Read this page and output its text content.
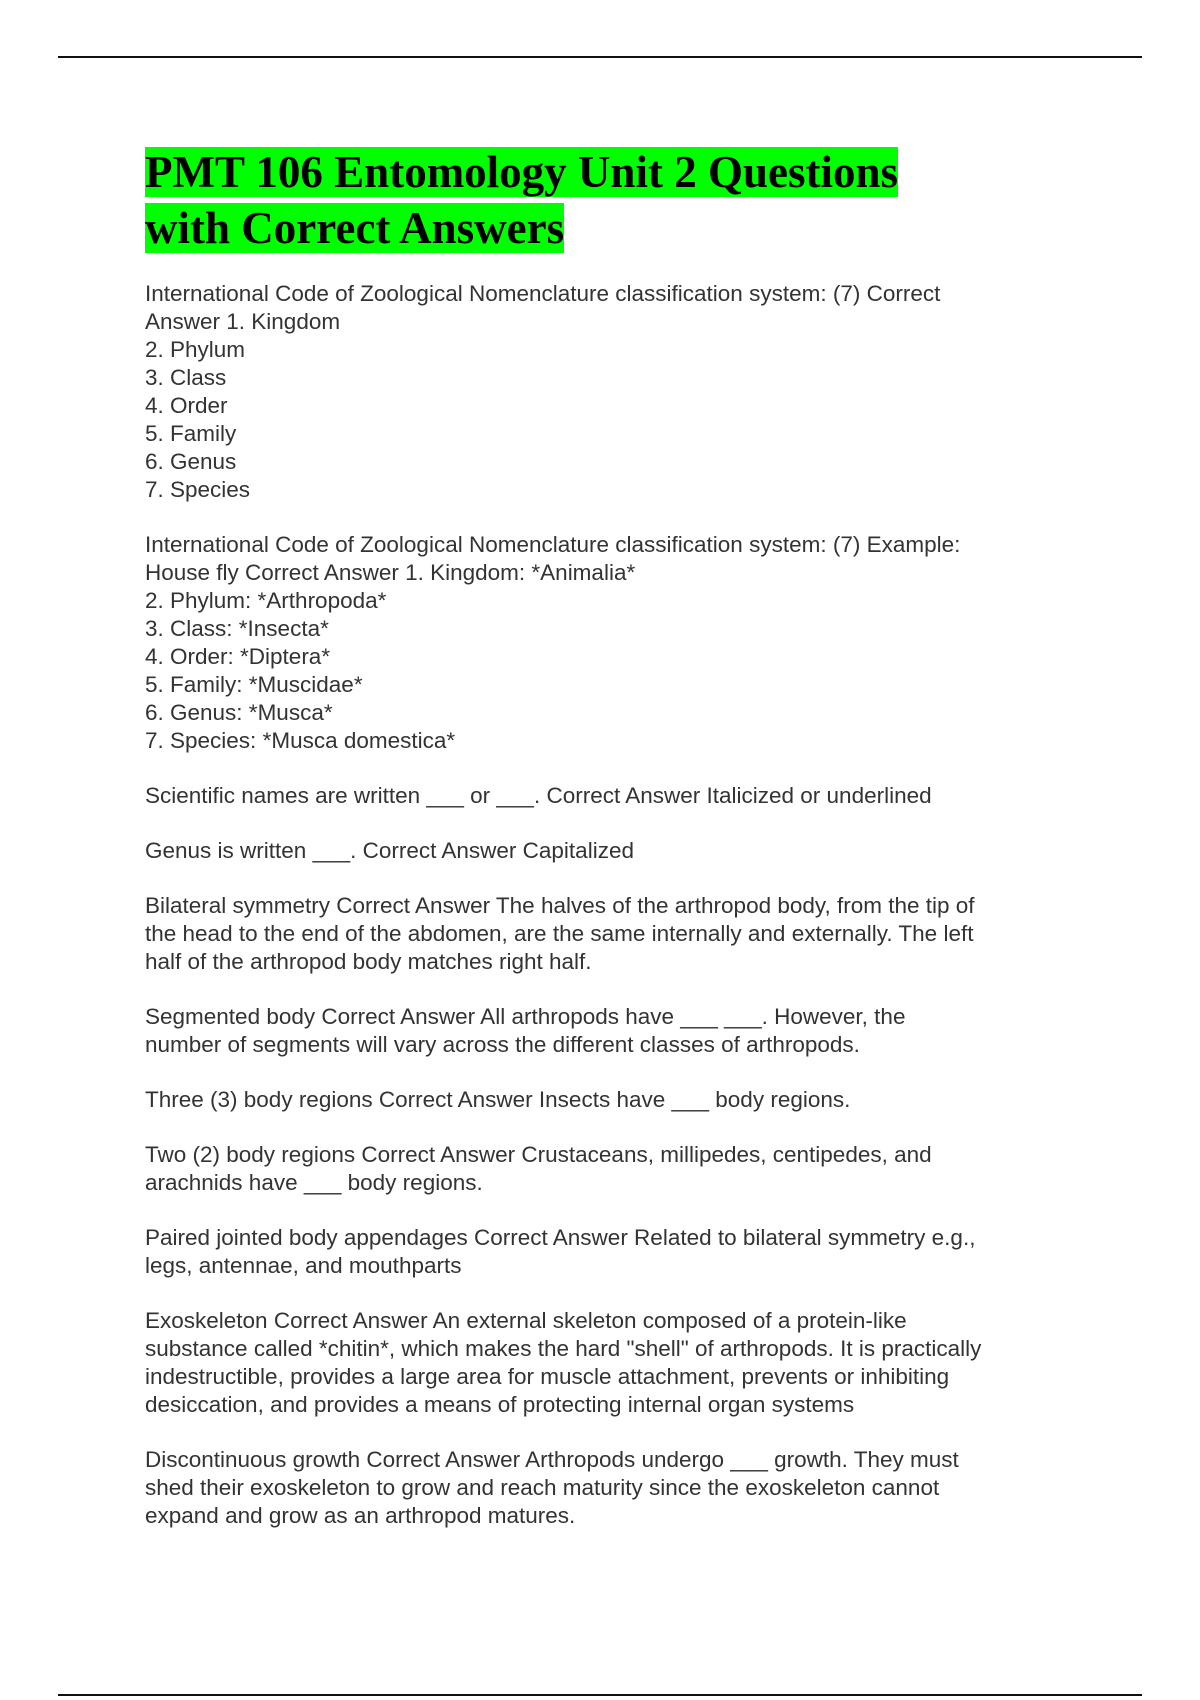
PMT 106 Entomology Unit 2 Questions
with Correct Answers
International Code of Zoological Nomenclature classification system: (7) Correct
Answer 1. Kingdom
2. Phylum
3. Class
4. Order
5. Family
6. Genus
7. Species
International Code of Zoological Nomenclature classification system: (7) Example:
House fly Correct Answer 1. Kingdom: *Animalia*
2. Phylum: *Arthropoda*
3. Class: *Insecta*
4. Order: *Diptera*
5. Family: *Muscidae*
6. Genus: *Musca*
7. Species: *Musca domestica*
Scientific names are written ___ or ___. Correct Answer Italicized or underlined
Genus is written ___. Correct Answer Capitalized
Bilateral symmetry Correct Answer The halves of the arthropod body, from the tip of
the head to the end of the abdomen, are the same internally and externally. The left
half of the arthropod body matches right half.
Segmented body Correct Answer All arthropods have ___ ___. However, the
number of segments will vary across the different classes of arthropods.
Three (3) body regions Correct Answer Insects have ___ body regions.
Two (2) body regions Correct Answer Crustaceans, millipedes, centipedes, and
arachnids have ___ body regions.
Paired jointed body appendages Correct Answer Related to bilateral symmetry e.g.,
legs, antennae, and mouthparts
Exoskeleton Correct Answer An external skeleton composed of a protein-like
substance called *chitin*, which makes the hard "shell" of arthropods. It is practically
indestructible, provides a large area for muscle attachment, prevents or inhibiting
desiccation, and provides a means of protecting internal organ systems
Discontinuous growth Correct Answer Arthropods undergo ___ growth. They must
shed their exoskeleton to grow and reach maturity since the exoskeleton cannot
expand and grow as an arthropod matures.
